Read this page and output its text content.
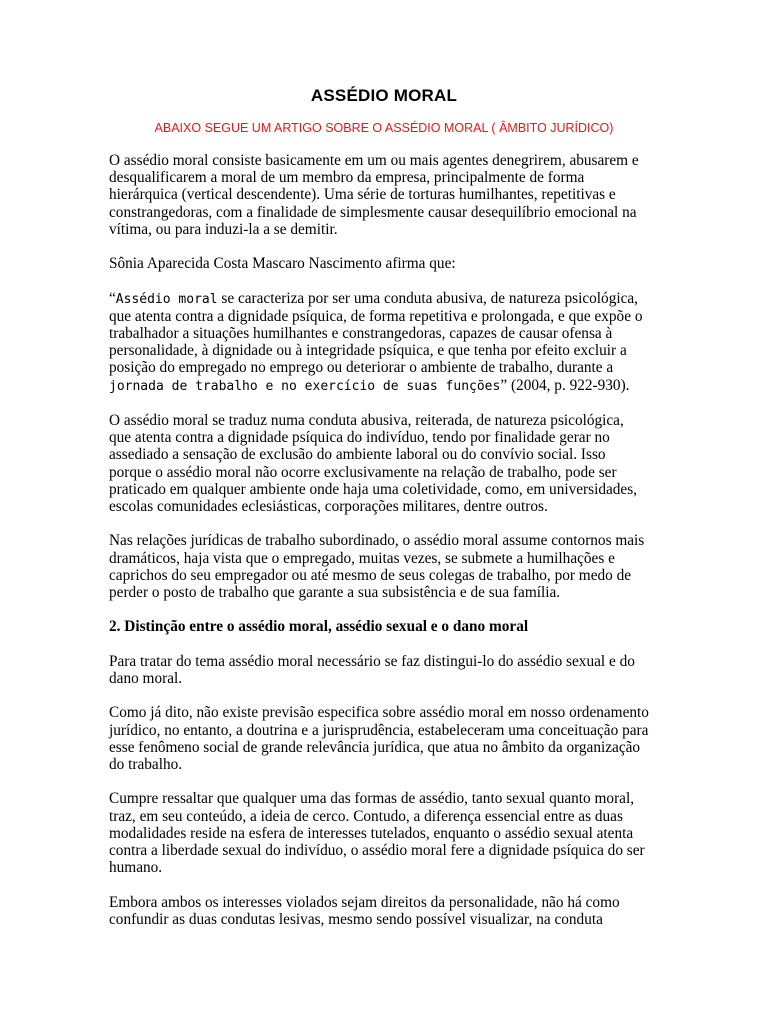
ASSÉDIO MORAL
ABAIXO SEGUE UM ARTIGO SOBRE O ASSÉDIO MORAL ( ÂMBITO JURÍDICO)

O assédio moral consiste basicamente em um ou mais agentes denegrirem, abusarem e desqualificarem a moral de um membro da empresa, principalmente de forma hierárquica (vertical descendente). Uma série de torturas humilhantes, repetitivas e constrangedoras, com a finalidade de simplesmente causar desequilíbrio emocional na vítima, ou para induzi-la a se demitir.

Sônia Aparecida Costa Mascaro Nascimento afirma que:

“Assédio moral se caracteriza por ser uma conduta abusiva, de natureza psicológica, que atenta contra a dignidade psíquica, de forma repetitiva e prolongada, e que expõe o trabalhador a situações humilhantes e constrangedoras, capazes de causar ofensa à personalidade, à dignidade ou à integridade psíquica, e que tenha por efeito excluir a posição do empregado no emprego ou deteriorar o ambiente de trabalho, durante a jornada de trabalho e no exercício de suas funções” (2004, p. 922-930).

O assédio moral se traduz numa conduta abusiva, reiterada, de natureza psicológica, que atenta contra a dignidade psíquica do indivíduo, tendo por finalidade gerar no assediado a sensação de exclusão do ambiente laboral ou do convívio social. Isso porque o assédio moral não ocorre exclusivamente na relação de trabalho, pode ser praticado em qualquer ambiente onde haja uma coletividade, como, em universidades, escolas comunidades eclesiásticas, corporações militares, dentre outros.

Nas relações jurídicas de trabalho subordinado, o assédio moral assume contornos mais dramáticos, haja vista que o empregado, muitas vezes, se submete a humilhações e caprichos do seu empregador ou até mesmo de seus colegas de trabalho, por medo de perder o posto de trabalho que garante a sua subsistência e de sua família.

2. Distinção entre o assédio moral, assédio sexual e o dano moral

Para tratar do tema assédio moral necessário se faz distingui-lo do assédio sexual e do dano moral.

Como já dito, não existe previsão especifica sobre assédio moral em nosso ordenamento jurídico, no entanto, a doutrina e a jurisprudência, estabeleceram uma conceituação para esse fenômeno social de grande relevância jurídica, que atua no âmbito da organização do trabalho.

Cumpre ressaltar que qualquer uma das formas de assédio, tanto sexual quanto moral, traz, em seu conteúdo, a ideia de cerco. Contudo, a diferença essencial entre as duas modalidades reside na esfera de interesses tutelados, enquanto o assédio sexual atenta contra a liberdade sexual do indivíduo, o assédio moral fere a dignidade psíquica do ser humano.

Embora ambos os interesses violados sejam direitos da personalidade, não há como confundir as duas condutas lesivas, mesmo sendo possível visualizar, na conduta
